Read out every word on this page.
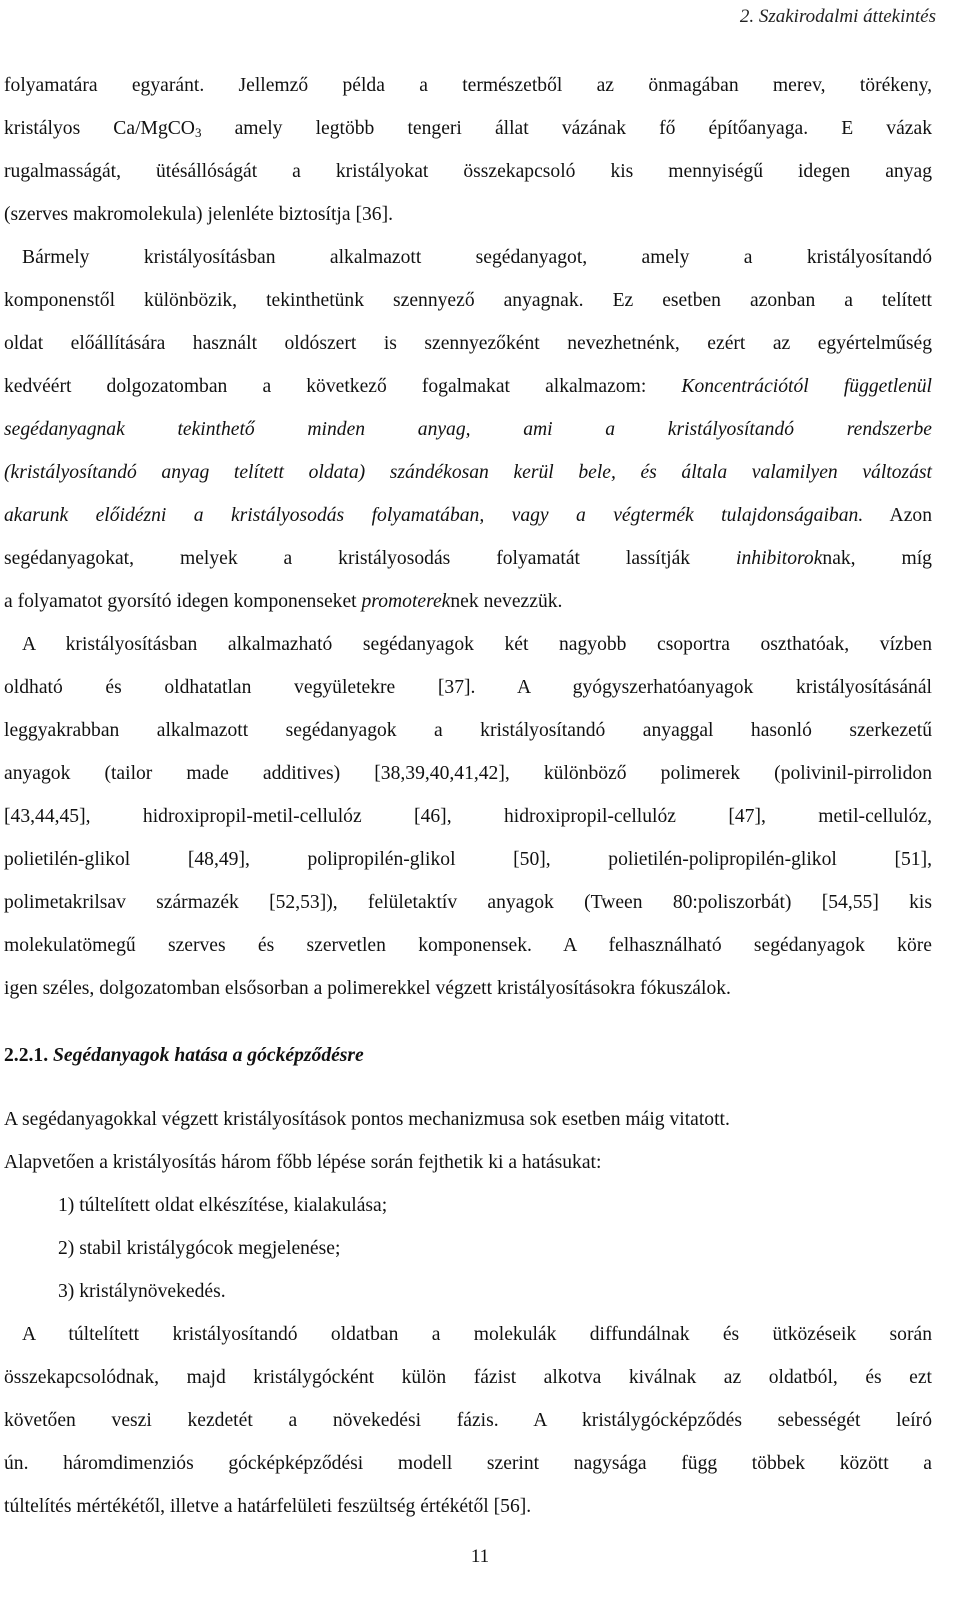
2. Szakirodalmi áttekintés
folyamatára egyaránt. Jellemző példa a természetből az önmagában merev, törékeny,
kristályos Ca/MgCO$_3$ amely legtöbb tengeri állat vázának fő építőanyaga. E vázak
rugalmasságát, ütésállóságát a kristályokat összekapcsoló kis mennyiségű idegen anyag
(szerves makromolekula) jelenléte biztosítja [36].
Bármely kristályosításban alkalmazott segédanyagot, amely a kristályosítandó
komponenstől különbözik, tekinthetünk szennyező anyagnak. Ez esetben azonban a telített
oldat előállítására használt oldószert is szennyezőként nevezhetnénk, ezért az egyértelműség
kedvéért dolgozatomban a következő fogalmakat alkalmazom: Koncentrációtól függetlenül
segédanyagnak tekinthető minden anyag, ami a kristályosítandó rendszerbe
(kristályosítandó anyag telített oldata) szándékosan kerül bele, és általa valamilyen változást
akarunk előidézni a kristályosodás folyamatában, vagy a végtermék tulajdonságaiban. Azon
segédanyagokat, melyek a kristályosodás folyamatát lassítják inhibitoroknak, míg
a folyamatot gyorsító idegen komponenseket promotereknek nevezzük.
A kristályosításban alkalmazható segédanyagok két nagyobb csoportra oszthatóak, vízben
oldható és oldhatatlan vegyületekre [37]. A gyógyszerhatóanyagok kristályosításánál
leggyakrabban alkalmazott segédanyagok a kristályosítandó anyaggal hasonló szerkezetű
anyagok (tailor made additives) [38,39,40,41,42], különböző polimerek (polivinil-pirrolidon
[43,44,45], hidroxipropil-metil-cellulóz [46], hidroxipropil-cellulóz [47], metil-cellulóz,
polietilén-glikol [48,49], polipropilén-glikol [50], polietilén-polipropilén-glikol [51],
polimetakrilsav származék [52,53]), felületaktív anyagok (Tween 80:poliszorbát) [54,55] kis
molekulatömegű szerves és szervetlen komponensek. A felhasználható segédanyagok köre
igen széles, dolgozatomban elsősorban a polimerekkel végzett kristályosításokra fókuszálok.
2.2.1. Segédanyagok hatása a gócképződésre
A segédanyagokkal végzett kristályosítások pontos mechanizmusa sok esetben máig vitatott.
Alapvetően a kristályosítás három főbb lépése során fejthetik ki a hatásukat:
1) túltelített oldat elkészítése, kialakulása;
2) stabil kristálygócok megjelenése;
3) kristálynövekedés.
A túltelített kristályosítandó oldatban a molekulák diffundálnak és ütközéseik során
összekapcsolódnak, majd kristálygócként külön fázist alkotva kiválnak az oldatból, és ezt
követően veszi kezdetét a növekedési fázis. A kristálygócképződés sebességét leíró
ún. háromdimenziós gócképképződési modell szerint nagysága függ többek között a
túltelítés mértékétől, illetve a határfelületi feszültség értékétől [56].
11
